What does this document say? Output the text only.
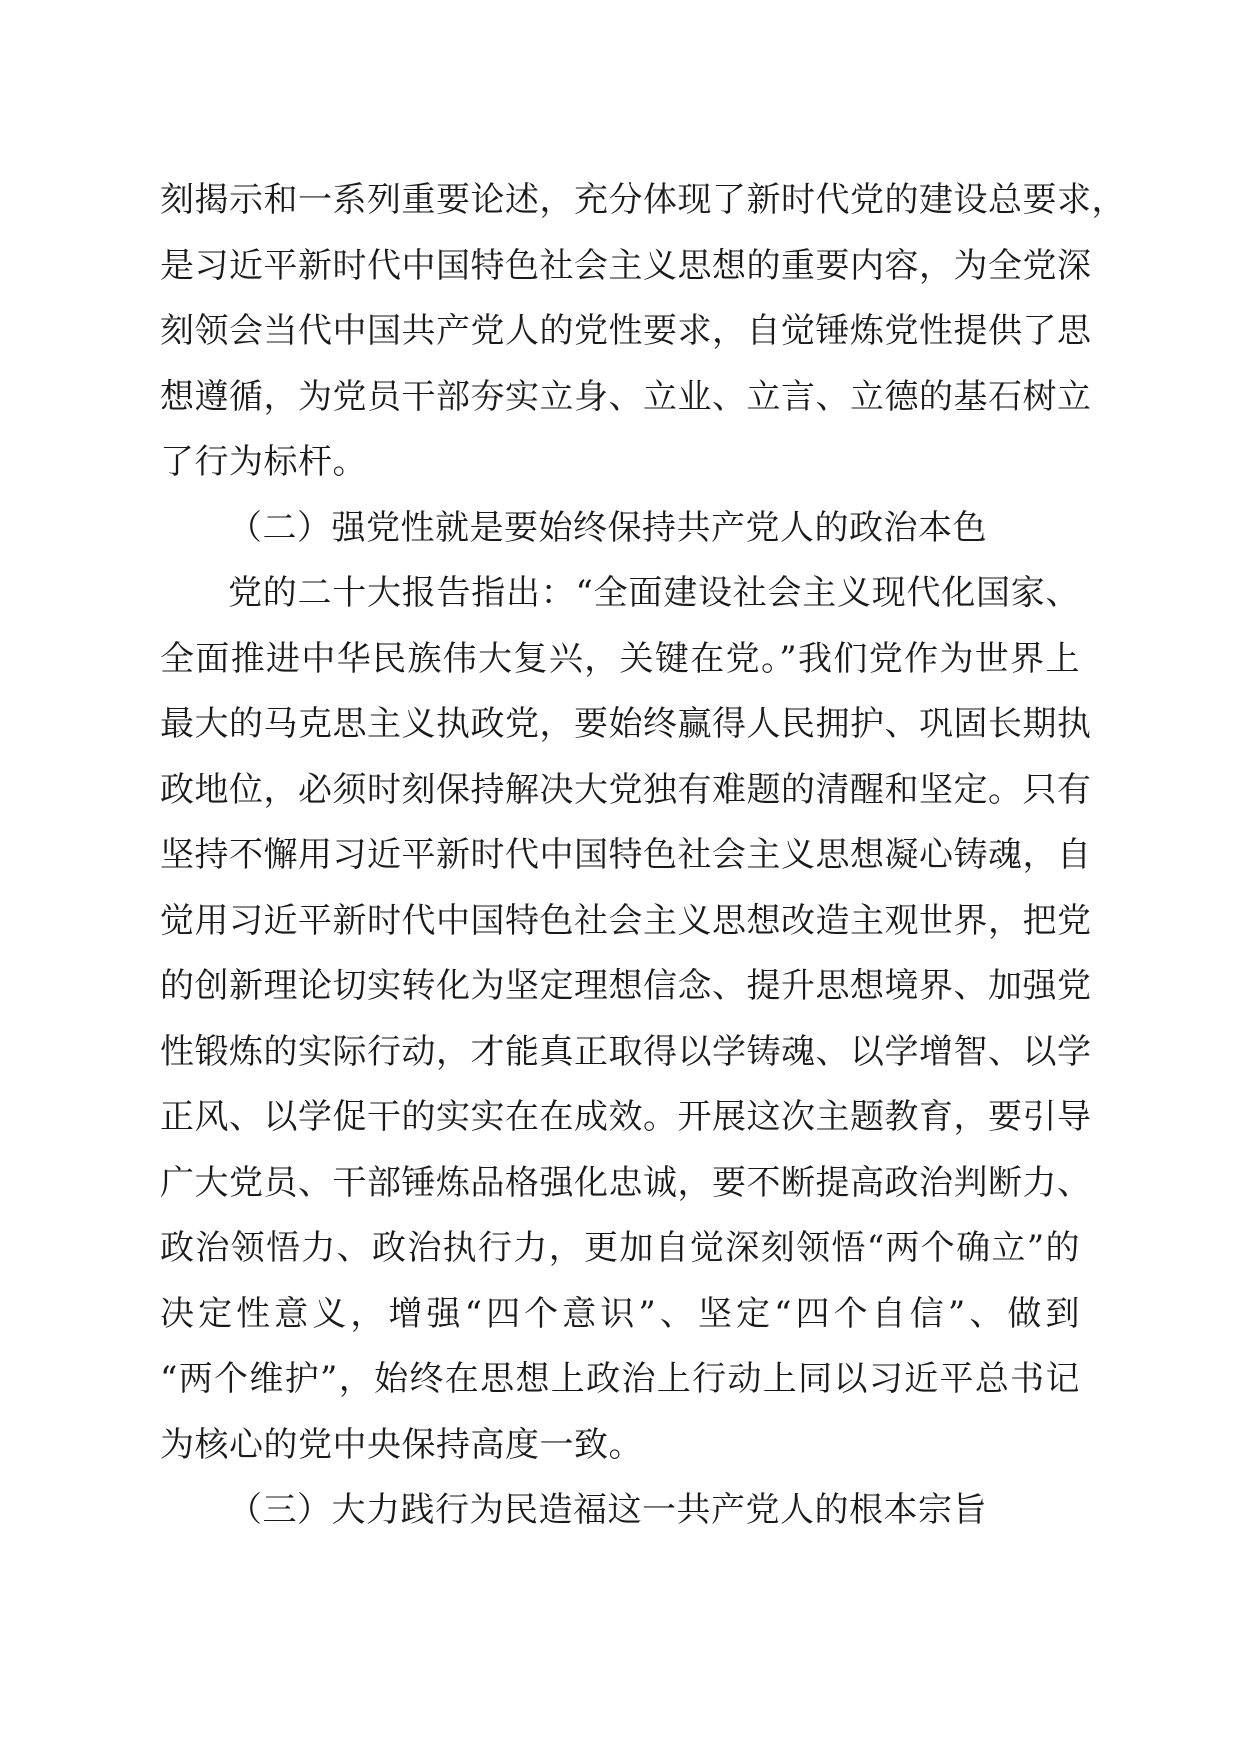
刻揭示和一系列重要论述，充分体现了新时代党的建设总要求，
是习近平新时代中国特色社会主义思想的重要内容，为全党深
刻领会当代中国共产党人的党性要求，自觉锤炼党性提供了思
想遵循，为党员干部夯实立身、立业、立言、立德的基石树立
了行为标杆。
（二）强党性就是要始终保持共产党人的政治本色
党的二十大报告指出：“全面建设社会主义现代化国家、
全面推进中华民族伟大复兴，关键在党。”我们党作为世界上
最大的马克思主义执政党，要始终赢得人民拥护、巩固长期执
政地位，必须时刻保持解决大党独有难题的清醒和坚定。只有
坚持不懈用习近平新时代中国特色社会主义思想凝心铸魂，自
觉用习近平新时代中国特色社会主义思想改造主观世界，把党
的创新理论切实转化为坚定理想信念、提升思想境界、加强党
性锻炼的实际行动，才能真正取得以学铸魂、以学增智、以学
正风、以学促干的实实在在成效。开展这次主题教育，要引导
广大党员、干部锤炼品格强化忠诚，要不断提高政治判断力、
政治领悟力、政治执行力，更加自觉深刻领悟“两个确立”的
决定性意义，增强“四个意识”、坚定“四个自信”、做到
“两个维护”，始终在思想上政治上行动上同以习近平总书记
为核心的党中央保持高度一致。
（三）大力践行为民造福这一共产党人的根本宗旨
